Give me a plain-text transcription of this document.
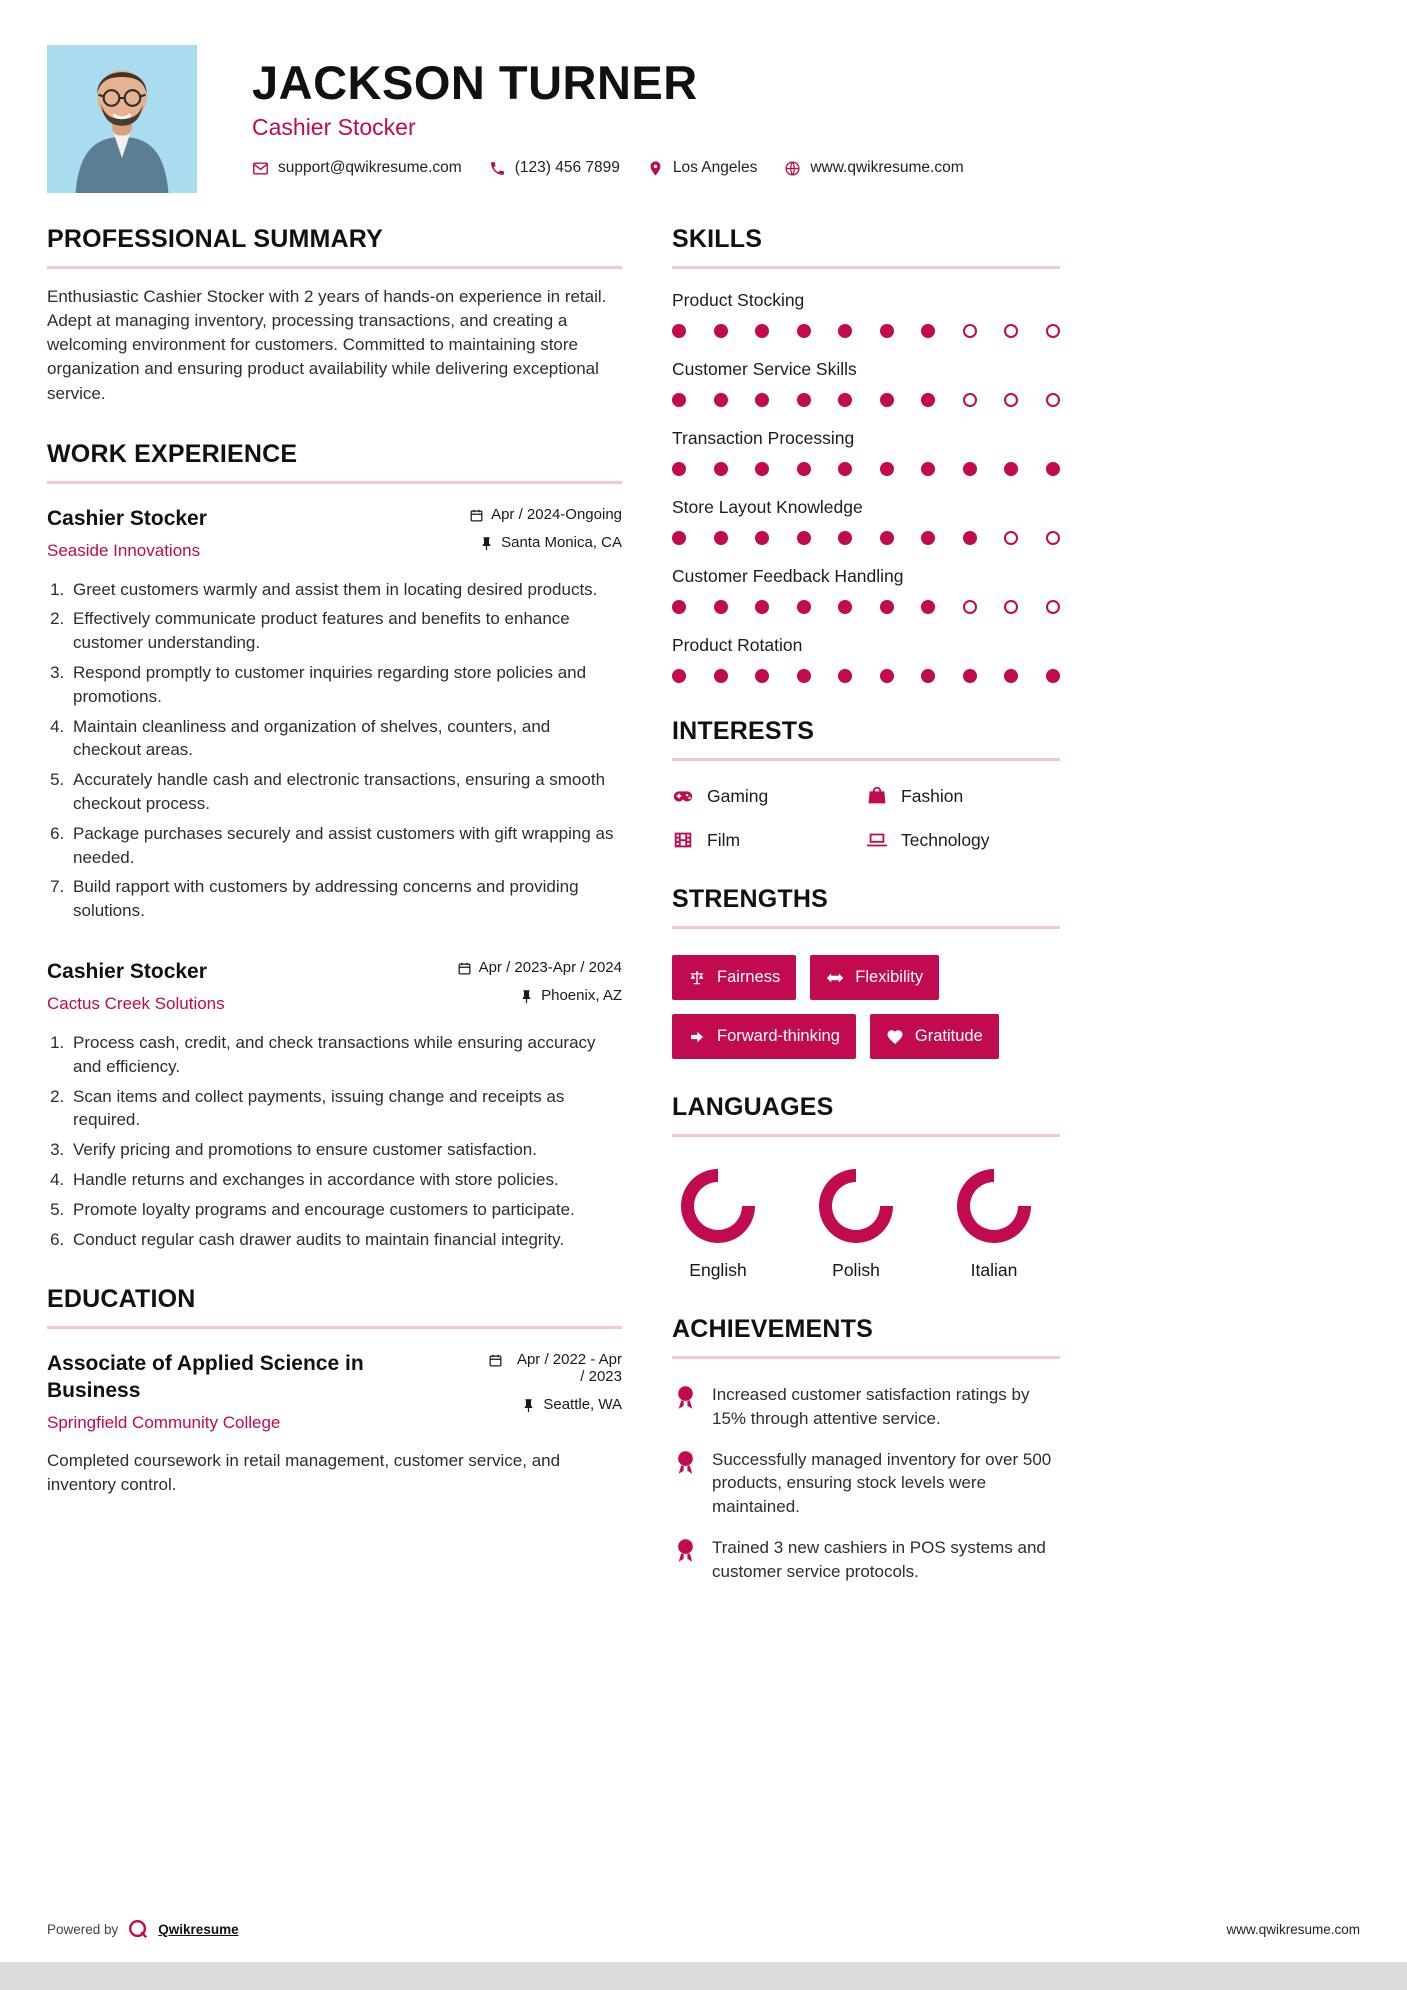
JACKSON TURNER
Cashier Stocker
support@qwikresume.com	(123) 456 7899	Los Angeles	www.qwikresume.com
PROFESSIONAL SUMMARY

Enthusiastic Cashier Stocker with 2 years of hands-on experience in retail. Adept at managing inventory, processing transactions, and creating a welcoming environment for customers. Committed to maintaining store organization and ensuring product availability while delivering exceptional service.

WORK EXPERIENCE
Cashier Stocker
Seaside Innovations
Apr / 2024-Ongoing
Santa Monica, CA
1. Greet customers warmly and assist them in locating desired products.
2. Effectively communicate product features and benefits to enhance customer understanding.
3. Respond promptly to customer inquiries regarding store policies and promotions.
4. Maintain cleanliness and organization of shelves, counters, and checkout areas.
5. Accurately handle cash and electronic transactions, ensuring a smooth checkout process.
6. Package purchases securely and assist customers with gift wrapping as needed.
7. Build rapport with customers by addressing concerns and providing solutions.
Cashier Stocker
Cactus Creek Solutions
Apr / 2023-Apr / 2024
Phoenix, AZ
1. Process cash, credit, and check transactions while ensuring accuracy and efficiency.
2. Scan items and collect payments, issuing change and receipts as required.
3. Verify pricing and promotions to ensure customer satisfaction.
4. Handle returns and exchanges in accordance with store policies.
5. Promote loyalty programs and encourage customers to participate.
6. Conduct regular cash drawer audits to maintain financial integrity.
EDUCATION
Associate of Applied Science in Business
Springfield Community College
Apr / 2022 - Apr / 2023
Seattle, WA

Completed coursework in retail management, customer service, and inventory control.

SKILLS
Product Stocking
Customer Service Skills
Transaction Processing
Store Layout Knowledge
Customer Feedback Handling
Product Rotation
INTERESTS
Gaming	Fashion
Film	Technology
STRENGTHS
Fairness	Flexibility
Forward-thinking	Gratitude
LANGUAGES
English	Polish	Italian
ACHIEVEMENTS

Increased customer satisfaction ratings by 15% through attentive service.

Successfully managed inventory for over 500 products, ensuring stock levels were maintained.

Trained 3 new cashiers in POS systems and customer service protocols.

Powered by	Qwikresume	www.qwikresume.com
